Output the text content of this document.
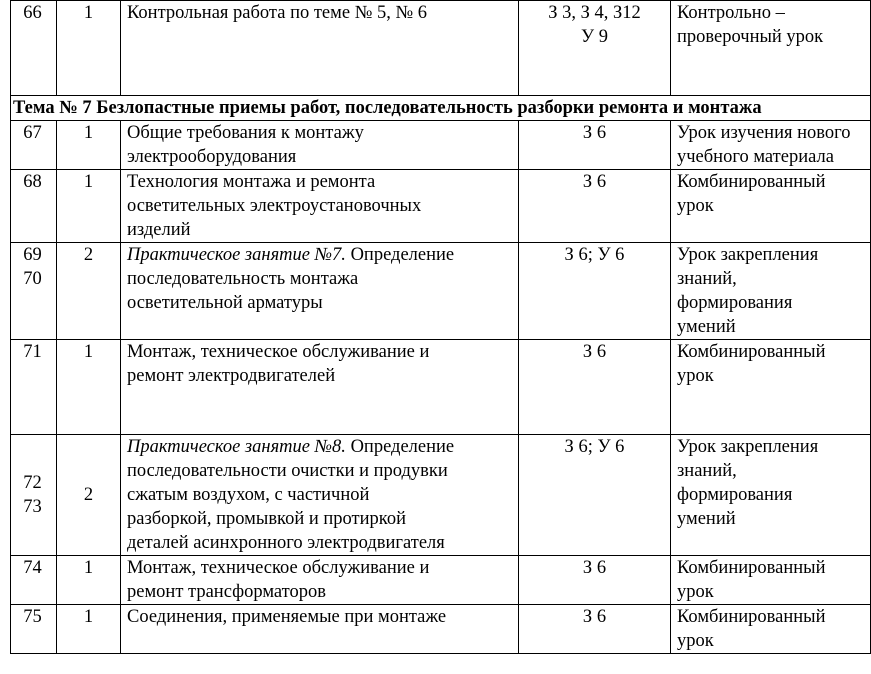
66	1	Контрольная работа по теме № 5, № 6	З 3, З 4, З12
У 9	Контрольно –
проверочный урок

Тема № 7 Безлопастные приемы работ, последовательность разборки ремонта и монтажа				

67	1	Общие требования к монтажу
электрооборудования	З 6	Урок изучения нового
учебного материала

68	1	Технология монтажа и ремонта
осветительных электроустановочных
изделий	З 6	Комбинированный
урок

69
70	2	Практическое занятие №7. Определение
последовательность монтажа
осветительной арматуры	З 6; У 6	Урок закрепления
знаний,
формирования
умений

71	1	Монтаж, техническое обслуживание и
ремонт электродвигателей	З 6	Комбинированный
урок

72
73	2	Практическое занятие №8. Определение
последовательности очистки и продувки
сжатым воздухом, с частичной
разборкой, промывкой и протиркой
деталей асинхронного электродвигателя	З 6; У 6	Урок закрепления
знаний,
формирования
умений

74	1	Монтаж, техническое обслуживание и
ремонт трансформаторов	З 6	Комбинированный
урок

75	1	Соединения, применяемые при монтаже	З 6	Комбинированный
урок
